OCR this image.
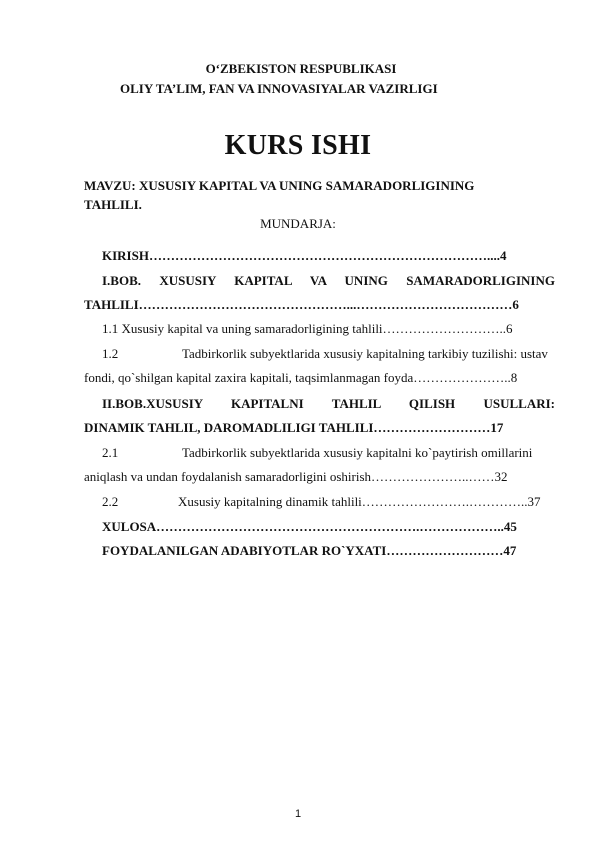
O‘ZBEKISTON RESPUBLIKASI
OLIY TA’LIM, FAN VA INNOVASIYALAR VAZIRLIGI
KURS ISHI
MAVZU: XUSUSIY KAPITAL VA UNING SAMARADORLIGINING
TAHLILI.
MUNDARJA:
KIRISH……………………………………………………………………....4
I.BOB. XUSUSIY KAPITAL VA UNING SAMARADORLIGINING
TAHLILI…………………………………………...………………………………6
1.1 Xususiy kapital va uning samaradorligining tahlili………………………..6
1.2	Tadbirkorlik subyektlarida xususiy kapitalning tarkibiy tuzilishi: ustav
fondi, qo`shilgan kapital zaxira kapitali, taqsimlanmagan foyda…………………..8
II.BOB.XUSUSIY KAPITALNI TAHLIL QILISH USULLARI:
DINAMIK TAHLIL, DAROMADLILIGI TAHLILI………………………17
2.1	Tadbirkorlik subyektlarida xususiy kapitalni ko`paytirish omillarini
aniqlash va undan foydalanish samaradorligini oshirish…………………..……32
2.2	Xususiy kapitalning dinamik tahlili…………………….…………..37
XULOSA…………………………………………………….………………..45
FOYDALANILGAN ADABIYOTLAR RO`YXATI………………………47
1
